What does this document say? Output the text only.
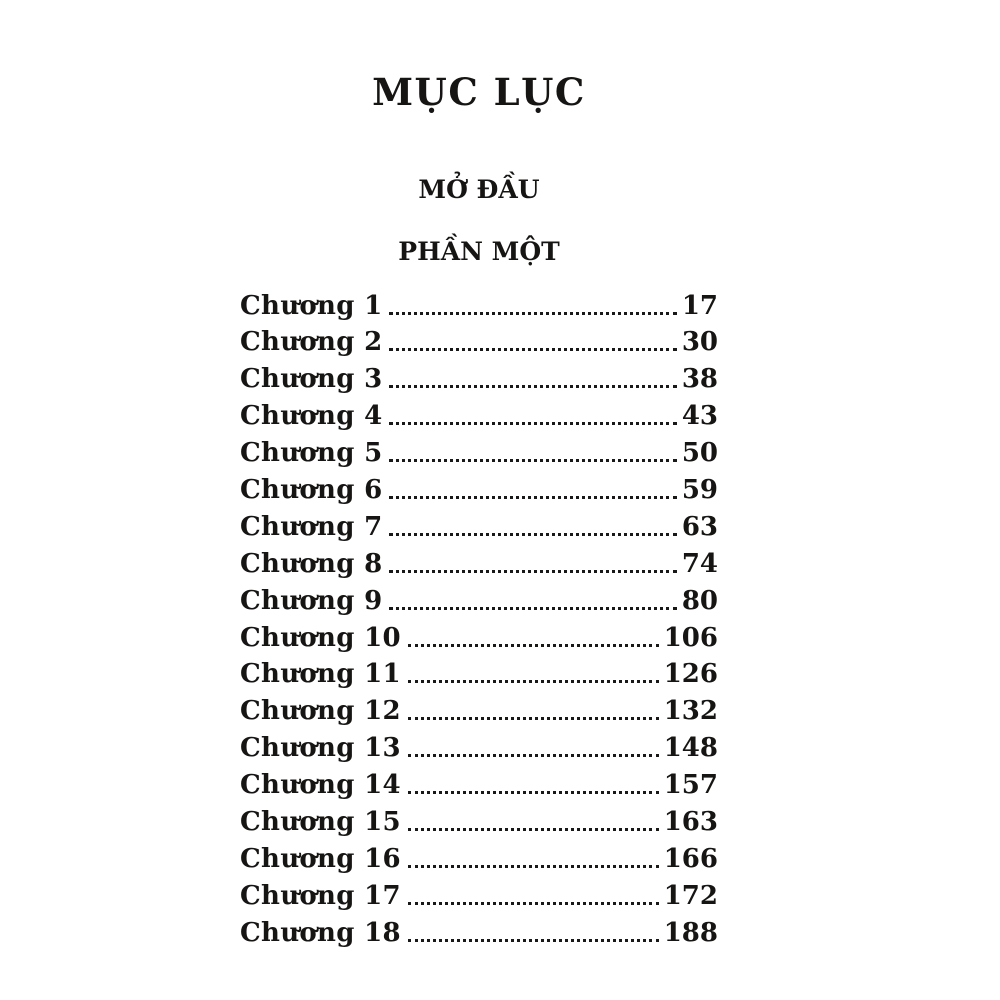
MỤC LỤC
MỞ ĐẦU
PHẦN MỘT
Chương 1	17
Chương 2	30
Chương 3	38
Chương 4	43
Chương 5	50
Chương 6	59
Chương 7	63
Chương 8	74
Chương 9	80
Chương 10	106
Chương 11	126
Chương 12	132
Chương 13	148
Chương 14	157
Chương 15	163
Chương 16	166
Chương 17	172
Chương 18	188
